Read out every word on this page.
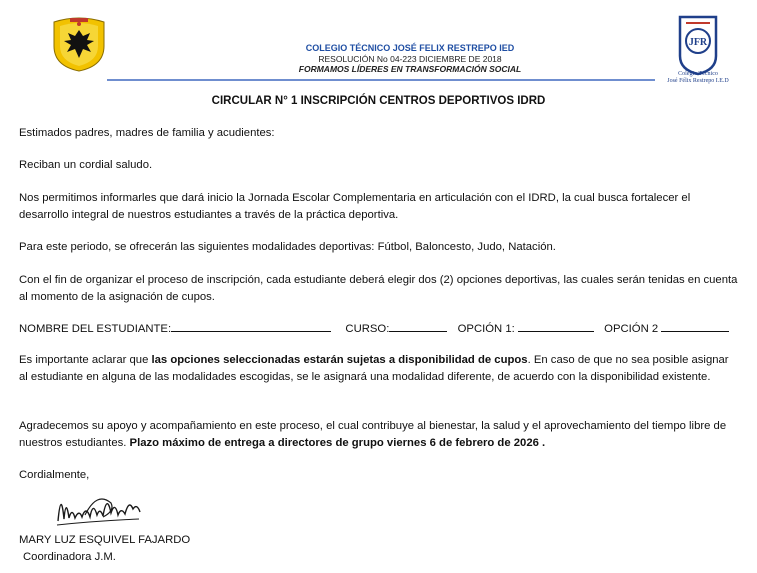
JFR
Colegio Técnico
José Félix Restrepo I.E.D
COLEGIO TÉCNICO JOSÉ FELIX RESTREPO IED
RESOLUCIÓN No 04-223 DICIEMBRE DE 2018
FORMAMOS LÍDERES EN TRANSFORMACIÓN SOCIAL
CIRCULAR N° 1 INSCRIPCIÓN CENTROS DEPORTIVOS IDRD
Estimados padres, madres de familia y acudientes:
Reciban un cordial saludo.
Nos permitimos informarles que dará inicio la Jornada Escolar Complementaria en articulación con el IDRD, la cual busca fortalecer el desarrollo integral de nuestros estudiantes a través de la práctica deportiva.
Para este periodo, se ofrecerán las siguientes modalidades deportivas: Fútbol, Baloncesto, Judo, Natación.
Con el fin de organizar el proceso de inscripción, cada estudiante deberá elegir dos (2) opciones deportivas, las cuales serán tenidas en cuenta al momento de la asignación de cupos.
NOMBRE DEL ESTUDIANTE:	CURSO:	OPCIÓN 1:	OPCIÓN 2
Es importante aclarar que las opciones seleccionadas estarán sujetas a disponibilidad de cupos. En caso de que no sea posible asignar al estudiante en alguna de las modalidades escogidas, se le asignará una modalidad diferente, de acuerdo con la disponibilidad existente.
Agradecemos su apoyo y acompañamiento en este proceso, el cual contribuye al bienestar, la salud y el aprovechamiento del tiempo libre de nuestros estudiantes. Plazo máximo de entrega a directores de grupo viernes 6 de febrero de 2026 .
Cordialmente,
MARY LUZ ESQUIVEL FAJARDO
Coordinadora J.M.
